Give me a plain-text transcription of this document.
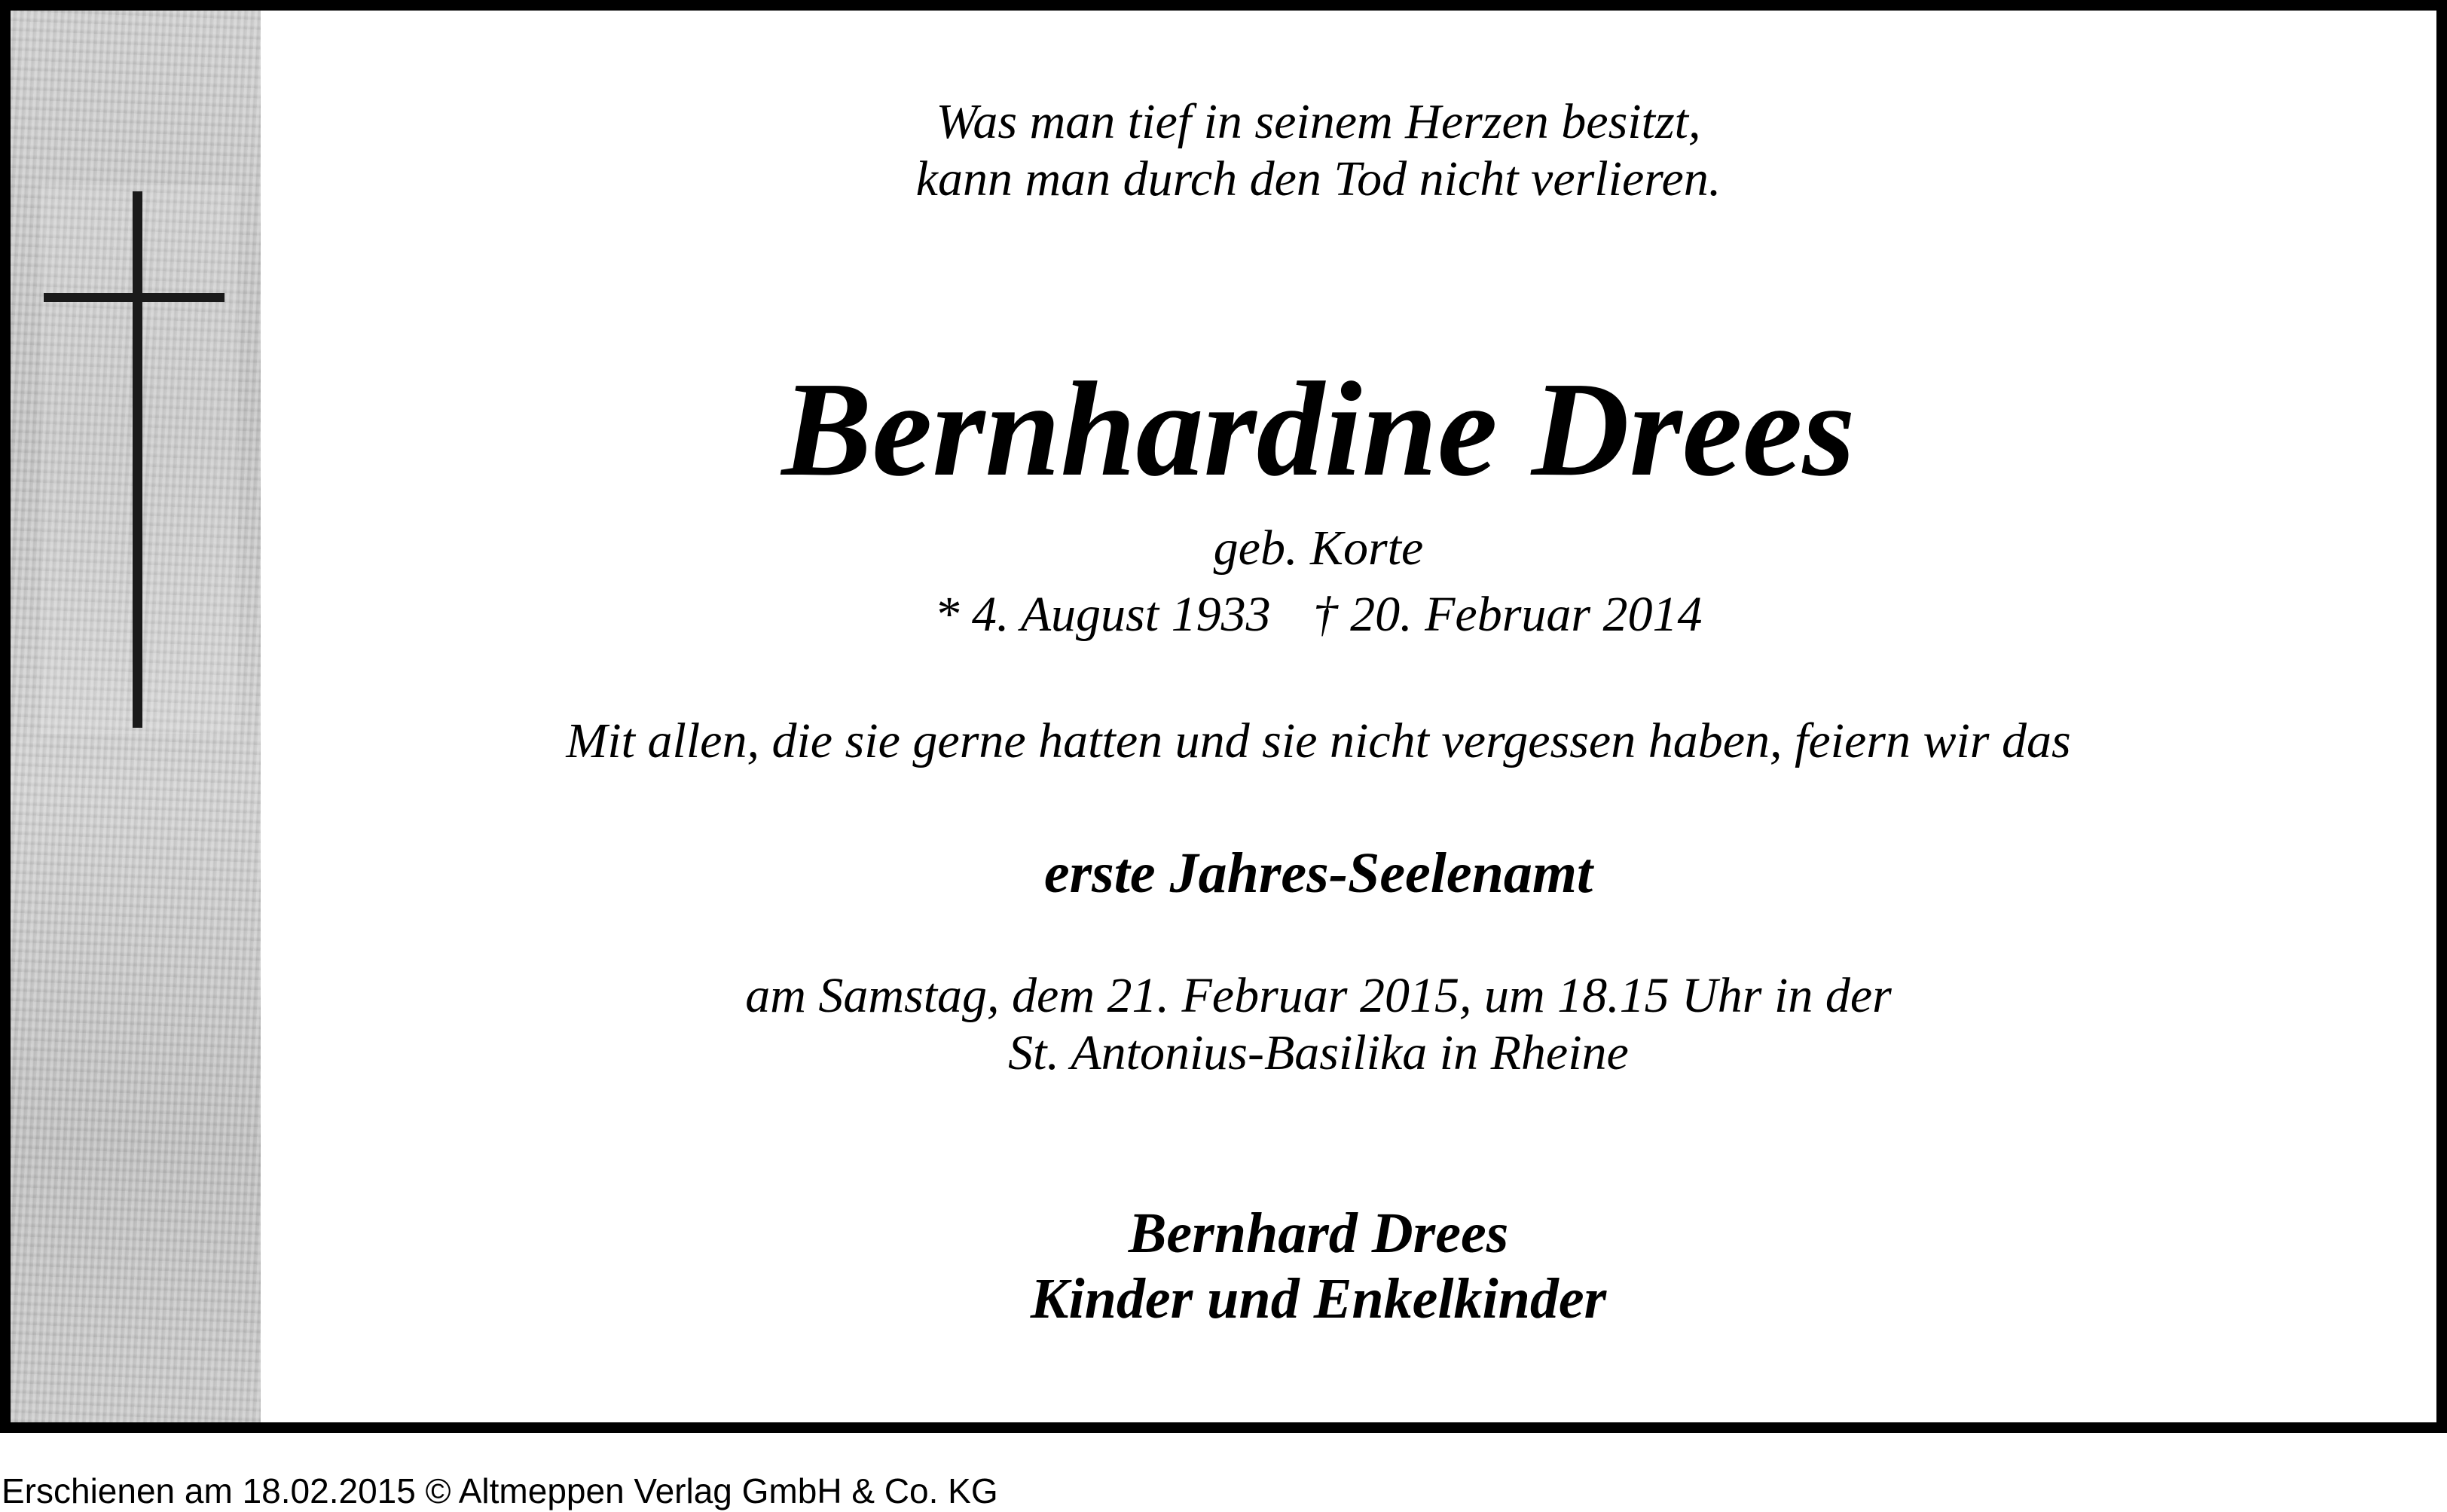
Was man tief in seinem Herzen besitzt,
kann man durch den Tod nicht verlieren.
Bernhardine Drees
geb. Korte
* 4. August 1933 † 20. Februar 2014
Mit allen, die sie gerne hatten und sie nicht vergessen haben, feiern wir das
erste Jahres-Seelenamt
am Samstag, dem 21. Februar 2015, um 18.15 Uhr in der
St. Antonius-Basilika in Rheine
Bernhard Drees
Kinder und Enkelkinder
Erschienen am 18.02.2015 © Altmeppen Verlag GmbH & Co. KG
